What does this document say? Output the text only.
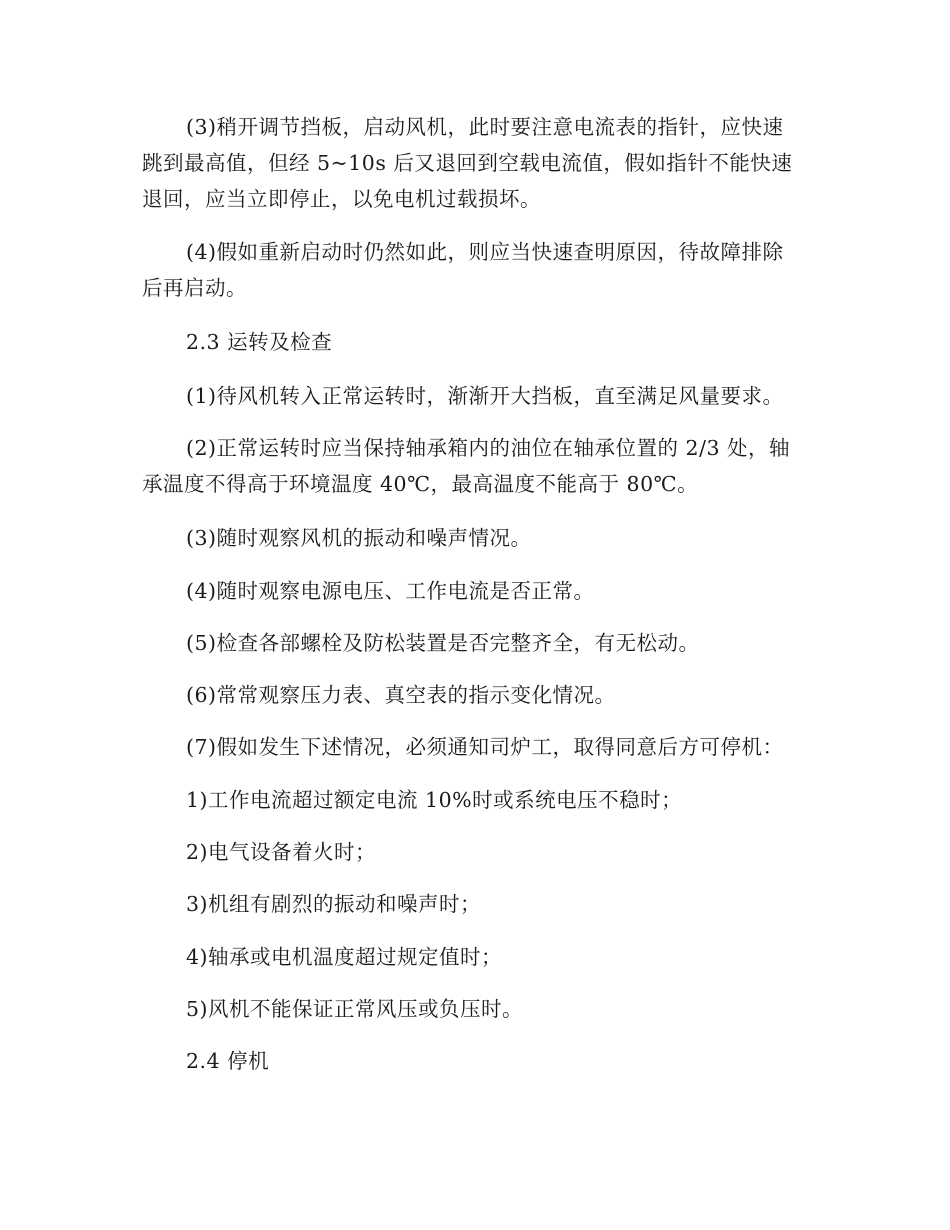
(3)稍开调节挡板，启动风机，此时要注意电流表的指针，应快速
跳到最高值，但经 5~10s 后又退回到空载电流值，假如指针不能快速
退回，应当立即停止，以免电机过载损坏。
(4)假如重新启动时仍然如此，则应当快速查明原因，待故障排除
后再启动。
2.3 运转及检查
(1)待风机转入正常运转时，渐渐开大挡板，直至满足风量要求。
(2)正常运转时应当保持轴承箱内的油位在轴承位置的 2/3 处，轴
承温度不得高于环境温度 40℃，最高温度不能高于 80℃。
(3)随时观察风机的振动和噪声情况。
(4)随时观察电源电压、工作电流是否正常。
(5)检查各部螺栓及防松装置是否完整齐全，有无松动。
(6)常常观察压力表、真空表的指示变化情况。
(7)假如发生下述情况，必须通知司炉工，取得同意后方可停机：
1)工作电流超过额定电流 10%时或系统电压不稳时；
2)电气设备着火时；
3)机组有剧烈的振动和噪声时；
4)轴承或电机温度超过规定值时；
5)风机不能保证正常风压或负压时。
2.4 停机
